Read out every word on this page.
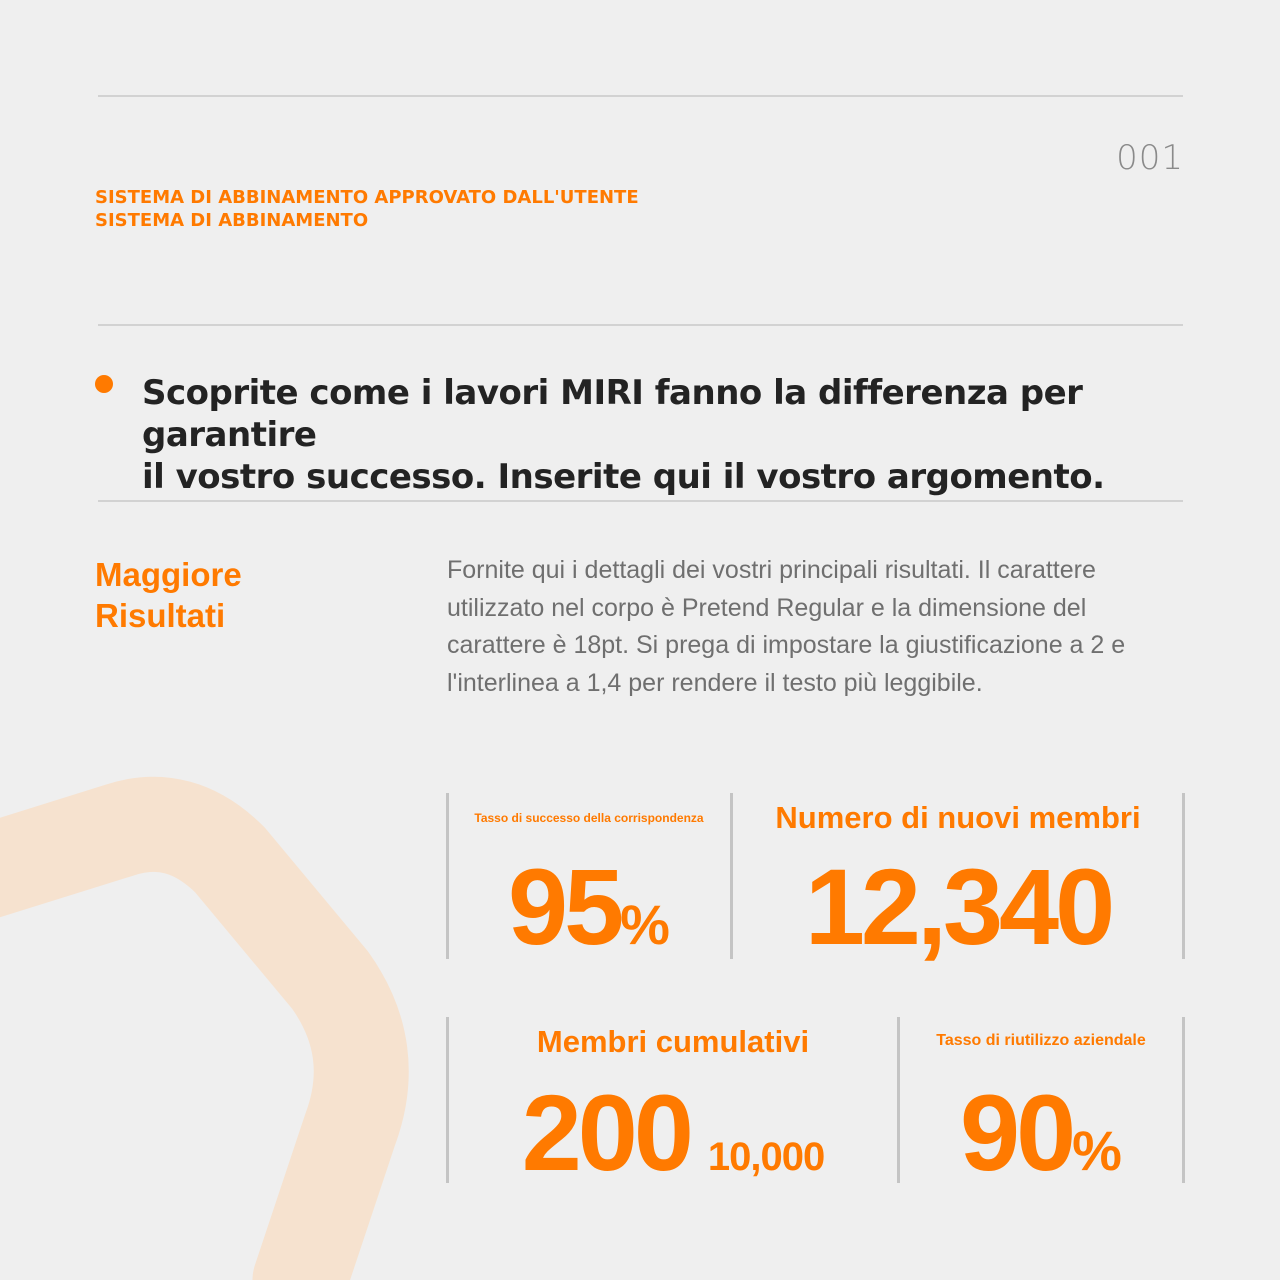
001
SISTEMA DI ABBINAMENTO APPROVATO DALL'UTENTE
SISTEMA DI ABBINAMENTO
Scoprite come i lavori MIRI fanno la differenza per garantire
il vostro successo. Inserite qui il vostro argomento.
Maggiore
Risultati
Fornite qui i dettagli dei vostri principali risultati. Il carattere utilizzato nel corpo è Pretend Regular e la dimensione del carattere è 18pt. Si prega di impostare la giustificazione a 2 e l'interlinea a 1,4 per rendere il testo più leggibile.
Tasso di successo della corrispondenza
95%
Numero di nuovi membri
12,340
Membri cumulativi
200 10,000
Tasso di riutilizzo aziendale
90%
